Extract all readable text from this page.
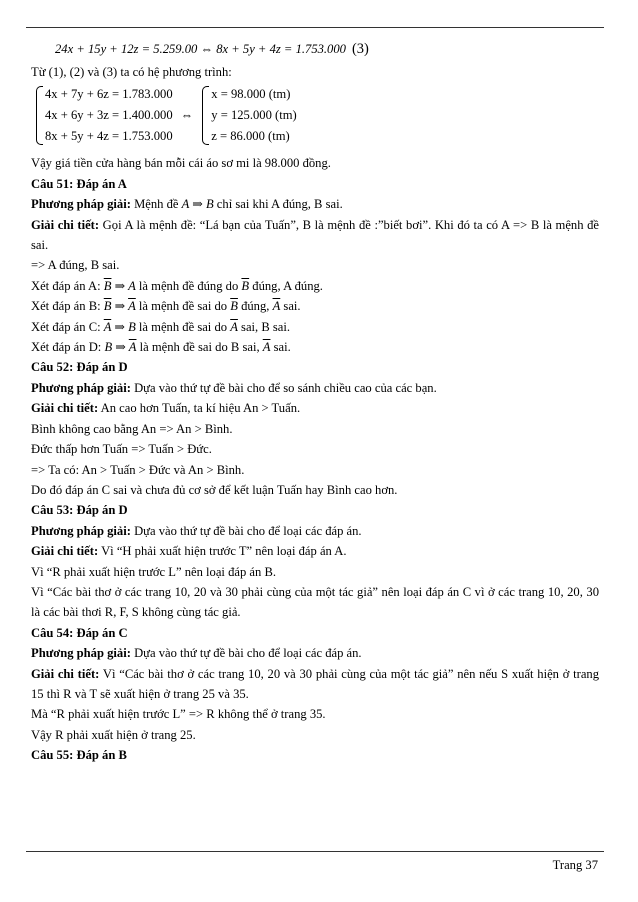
24x + 15y + 12z = 5.259.00 ⇔ 8x + 5y + 4z = 1.753.000 (3)

Từ (1), (2) và (3) ta có hệ phương trình:

4x + 7y + 6z = 1.783.000
4x + 6y + 3z = 1.400.000
8x + 5y + 4z = 1.753.000
⇔
x = 98.000 (tm)
y = 125.000 (tm)
z = 86.000 (tm)

Vậy giá tiền cửa hàng bán mỗi cái áo sơ mi là 98.000 đồng.

Câu 51: Đáp án A

Phương pháp giải: Mệnh đề A ⇒ B chỉ sai khi A đúng, B sai.

Giải chi tiết: Gọi A là mệnh đề: “Lá bạn của Tuấn”, B là mệnh đề :”biết bơi”. Khi đó ta có A => B là mệnh đề sai.

=> A đúng, B sai.

Xét đáp án A: $\overline{B}$ ⇒ A là mệnh đề đúng do $\overline{B}$ đúng, A đúng.

Xét đáp án B: $\overline{B}$ ⇒ $\overline{A}$ là mệnh đề sai do $\overline{B}$ đúng, $\overline{A}$ sai.

Xét đáp án C: $\overline{A}$ ⇒ B là mệnh đề sai do $\overline{A}$ sai, B sai.

Xét đáp án D: B ⇒ $\overline{A}$ là mệnh đề sai do B sai, $\overline{A}$ sai.

Câu 52: Đáp án D

Phương pháp giải: Dựa vào thứ tự đề bài cho để so sánh chiều cao của các bạn.

Giải chi tiết: An cao hơn Tuấn, ta kí hiệu An > Tuấn.

Bình không cao bằng An => An > Bình.

Đức thấp hơn Tuấn => Tuấn > Đức.

=> Ta có: An > Tuấn > Đức và An > Bình.

Do đó đáp án C sai và chưa đủ cơ sở để kết luận Tuấn hay Bình cao hơn.

Câu 53: Đáp án D

Phương pháp giải: Dựa vào thứ tự đề bài cho để loại các đáp án.

Giải chi tiết: Vì “H phải xuất hiện trước T” nên loại đáp án A.

Vì “R phải xuất hiện trước L” nên loại đáp án B.

Vì “Các bài thơ ở các trang 10, 20 và 30 phải cùng của một tác giả” nên loại đáp án C vì ở các trang 10, 20, 30 là các bài thơi R, F, S không cùng tác giả.

Câu 54: Đáp án C

Phương pháp giải: Dựa vào thứ tự đề bài cho để loại các đáp án.

Giải chi tiết: Vì “Các bài thơ ở các trang 10, 20 và 30 phải cùng của một tác giả” nên nếu S xuất hiện ở trang 15 thì R và T sẽ xuất hiện ở trang 25 và 35.

Mà “R phải xuất hiện trước L” => R không thể ở trang 35.

Vậy R phải xuất hiện ở trang 25.

Câu 55: Đáp án B

Trang 37
